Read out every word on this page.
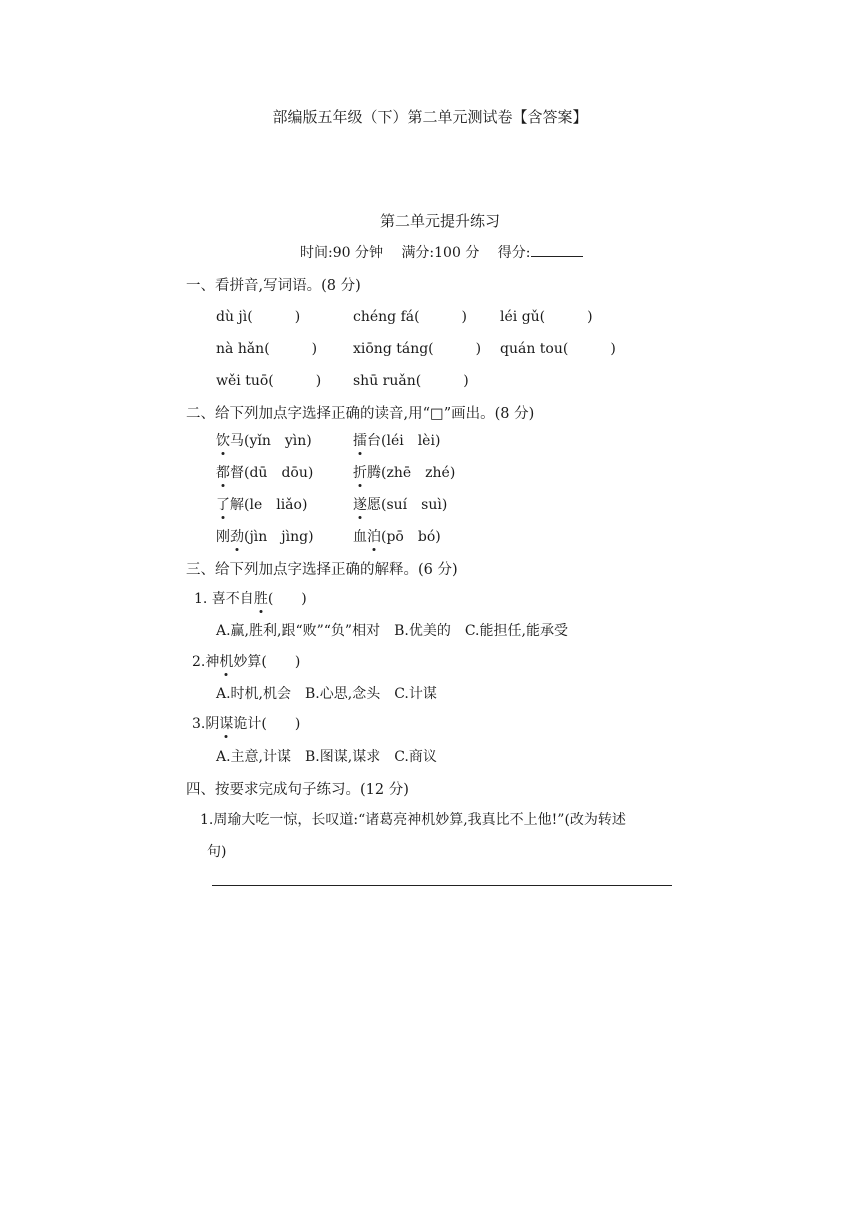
部编版五年级（下）第二单元测试卷【含答案】
第二单元提升练习
时间:90 分钟 满分:100 分 得分:
一、看拼音,写词语。(8 分)
dù jì(　　　)	chéng fá(　　　) léi gǔ(　　　)
nà hǎn(　　　)	xiōng táng(　　　) quán tou(　　　)
wěi tuō(　　　) shū ruǎn(　　　)
二、给下列加点字选择正确的读音,用“□”画出。(8 分)
饮马(yǐn　yìn)	擂台(léi　lèi)
都督(dū　dōu)	折腾(zhē　zhé)
了解(le　liǎo)	遂愿(suí　suì)
刚劲(jìn　jìng)	血泊(pō　bó)
三、给下列加点字选择正确的解释。(6 分)
1. 喜不自胜(　　)
A.赢,胜利,跟“败”“负”相对　B.优美的　C.能担任,能承受
2.神机妙算(　　)
A.时机,机会　B.心思,念头　C.计谋
3.阴谋诡计(　　)
A.主意,计谋　B.图谋,谋求　C.商议
四、按要求完成句子练习。(12 分)
1.周瑜大吃一惊，长叹道:“诸葛亮神机妙算,我真比不上他!”(改为转述
句)
